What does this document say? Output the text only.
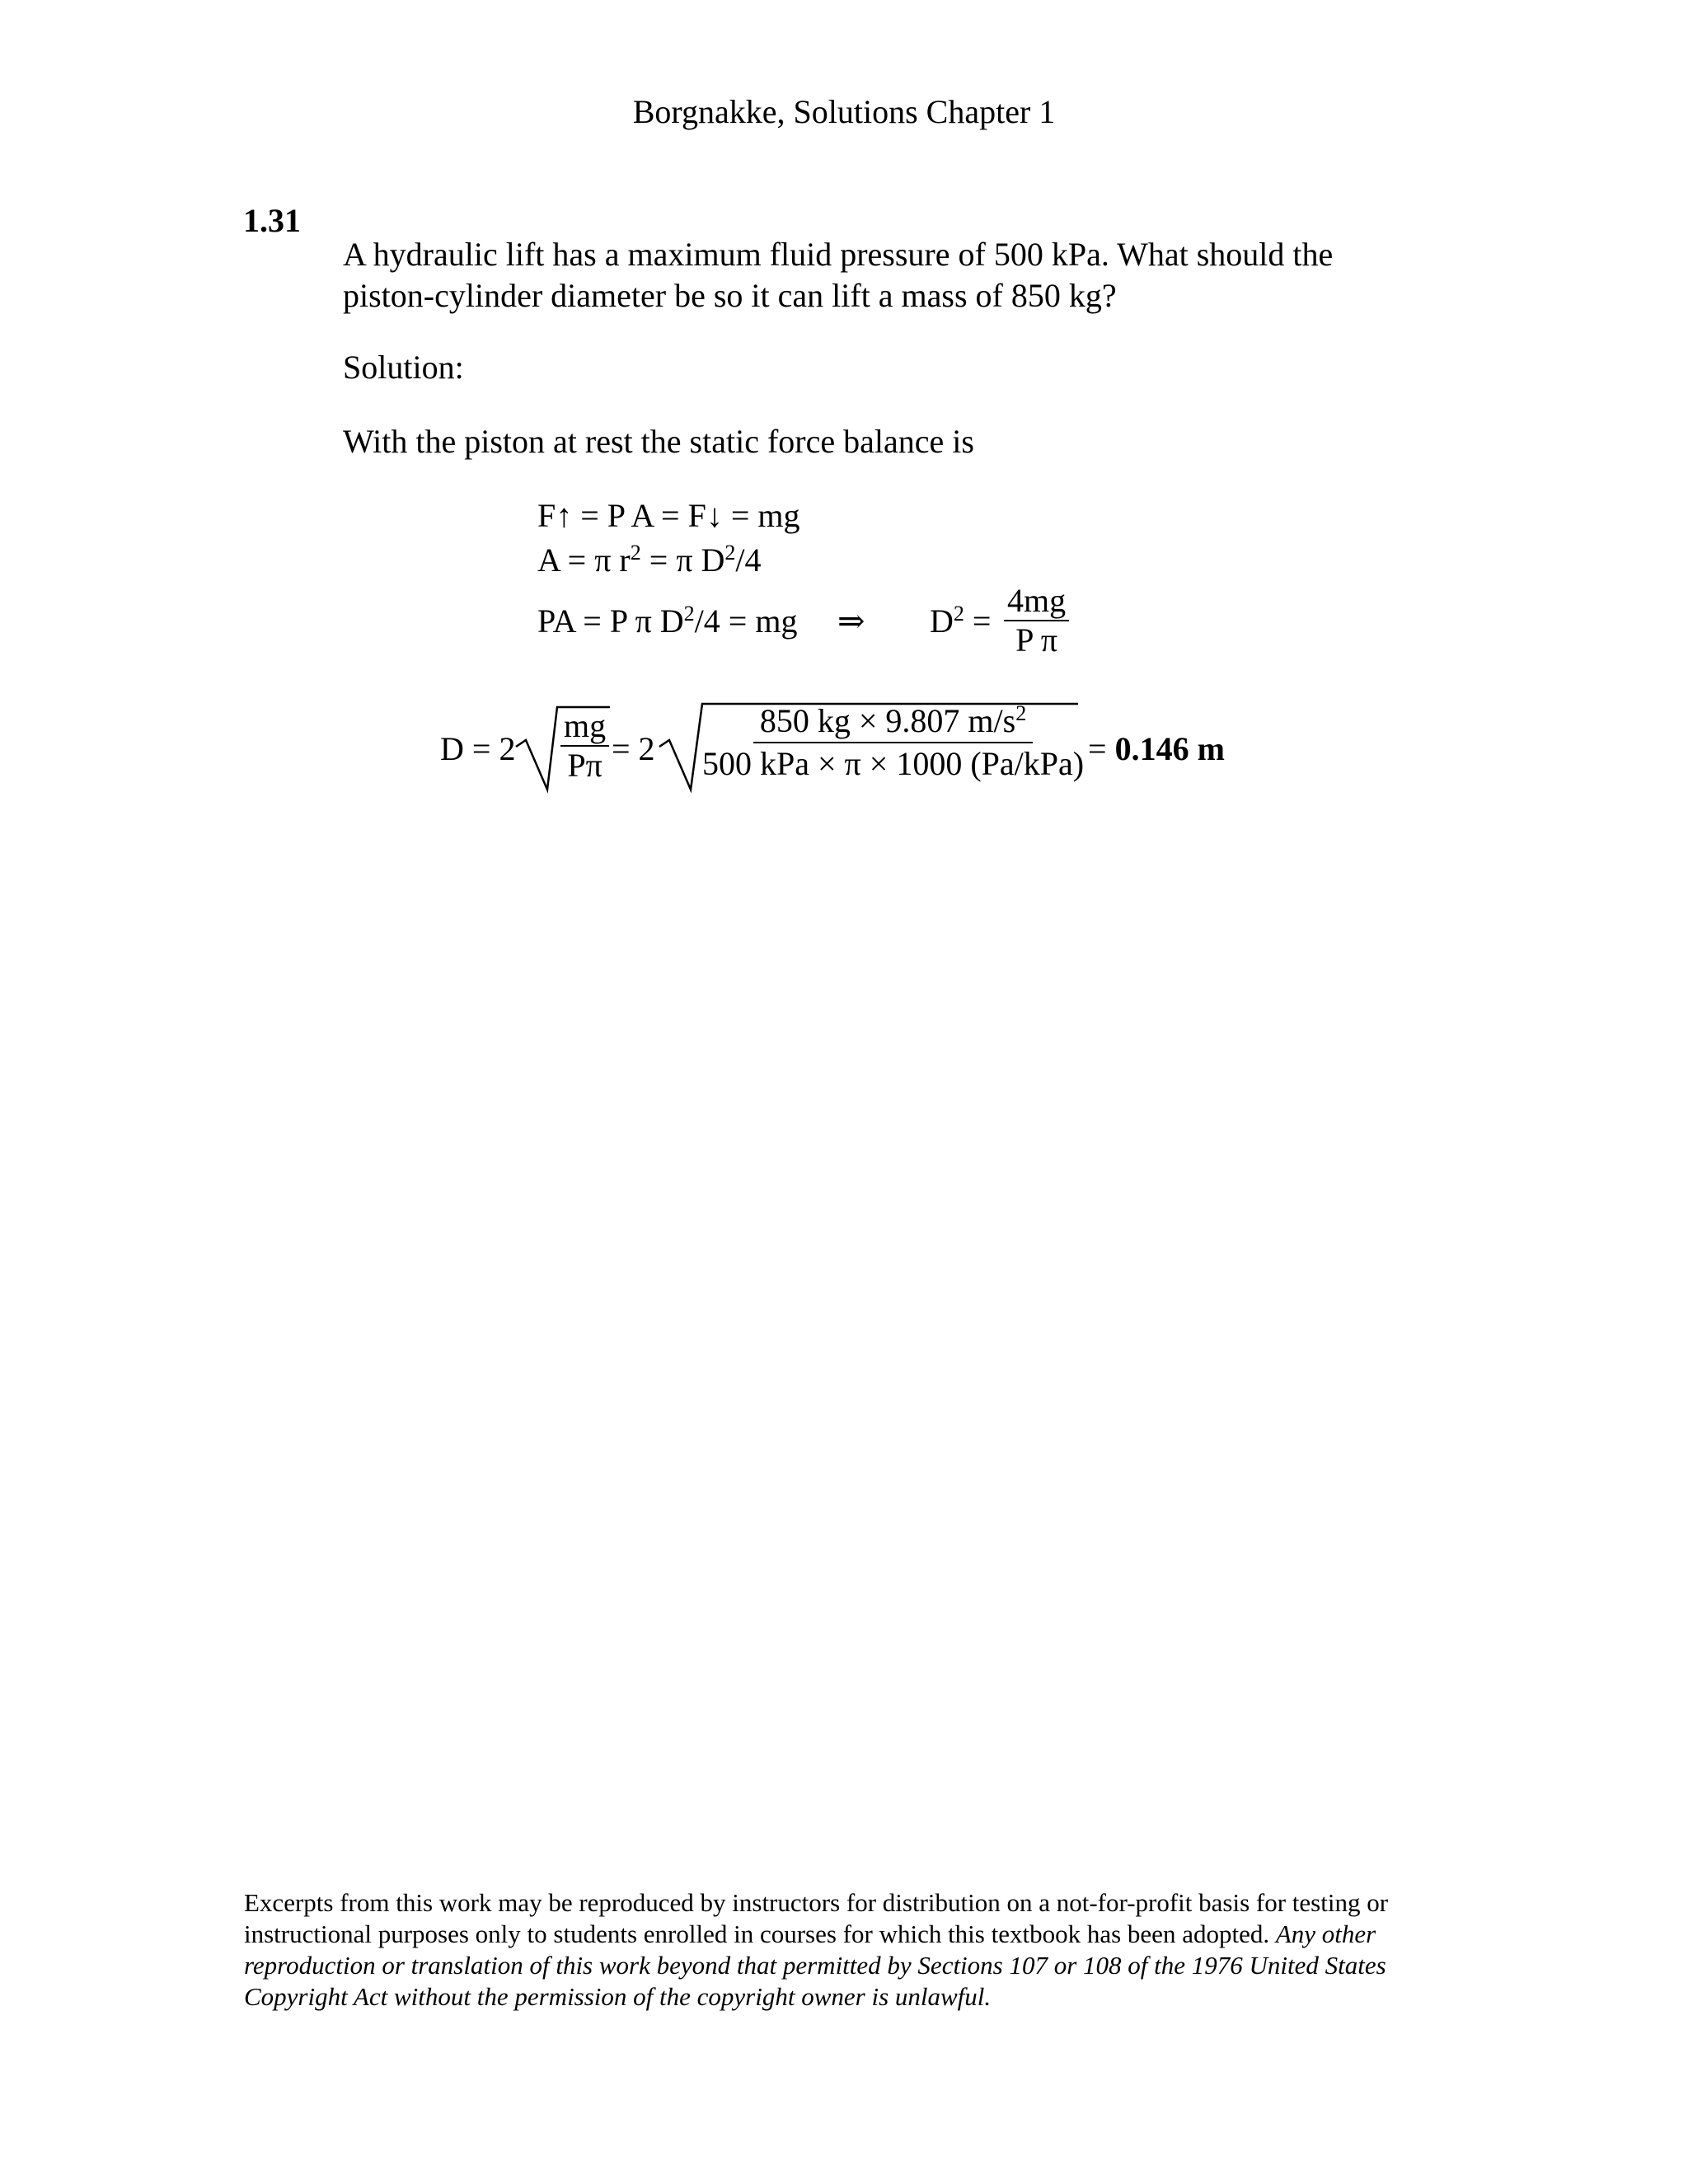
Borgnakke, Solutions Chapter 1
1.31
A hydraulic lift has a maximum fluid pressure of 500 kPa. What should the
piston-cylinder diameter be so it can lift a mass of 850 kg?
Solution:
With the piston at rest the static force balance is
F↑ = P A = F↓ = mg
A = π $r^2 = \pi$ $D^2/4$
PA = P π $D^2/4$ = mg ⇒ $D^2 = \frac{4mg}{\text{P π}}$
$D = 2 \frac{mg}{P\pi} = 2$
850 kg × 9.807 $m/s^2$
500 kPa × π × 1000 (Pa/kPa) = 0.146 m
Excerpts from this work may be reproduced by instructors for distribution on a not-for-profit basis for testing or instructional purposes only to students enrolled in courses for which this textbook has been adopted. Any other reproduction or translation of this work beyond that permitted by Sections 107 or 108 of the 1976 United States Copyright Act without the permission of the copyright owner is unlawful.
